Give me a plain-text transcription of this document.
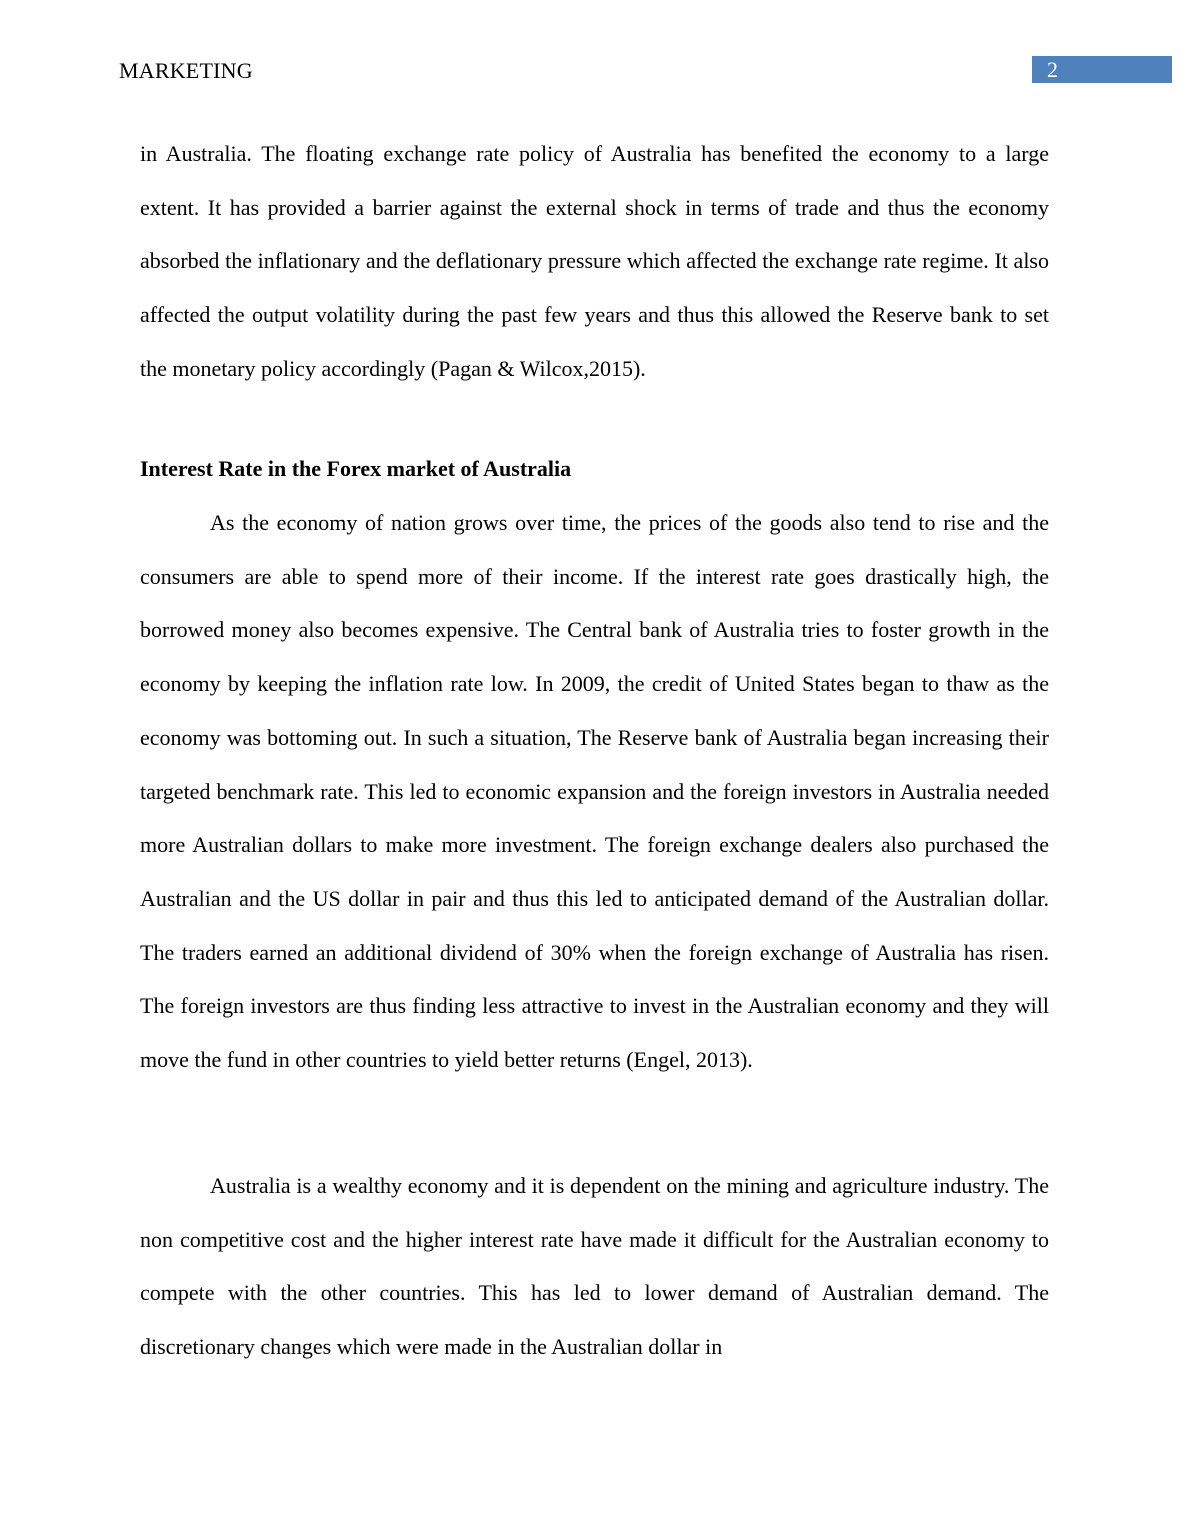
MARKETING	2

in Australia. The floating exchange rate policy of Australia has benefited the economy to a large extent. It has provided a barrier against the external shock in terms of trade and thus the economy absorbed the inflationary and the deflationary pressure which affected the exchange rate regime. It also affected the output volatility during the past few years and thus this allowed the Reserve bank to set the monetary policy accordingly (Pagan & Wilcox,2015).

Interest Rate in the Forex market of Australia

As the economy of nation grows over time, the prices of the goods also tend to rise and the consumers are able to spend more of their income. If the interest rate goes drastically high, the borrowed money also becomes expensive. The Central bank of Australia tries to foster growth in the economy by keeping the inflation rate low. In 2009, the credit of United States began to thaw as the economy was bottoming out. In such a situation, The Reserve bank of Australia began increasing their targeted benchmark rate. This led to economic expansion and the foreign investors in Australia needed more Australian dollars to make more investment. The foreign exchange dealers also purchased the Australian and the US dollar in pair and thus this led to anticipated demand of the Australian dollar. The traders earned an additional dividend of 30% when the foreign exchange of Australia has risen. The foreign investors are thus finding less attractive to invest in the Australian economy and they will move the fund in other countries to yield better returns (Engel, 2013).

Australia is a wealthy economy and it is dependent on the mining and agriculture industry. The non competitive cost and the higher interest rate have made it difficult for the Australian economy to compete with the other countries. This has led to lower demand of Australian demand. The discretionary changes which were made in the Australian dollar in
